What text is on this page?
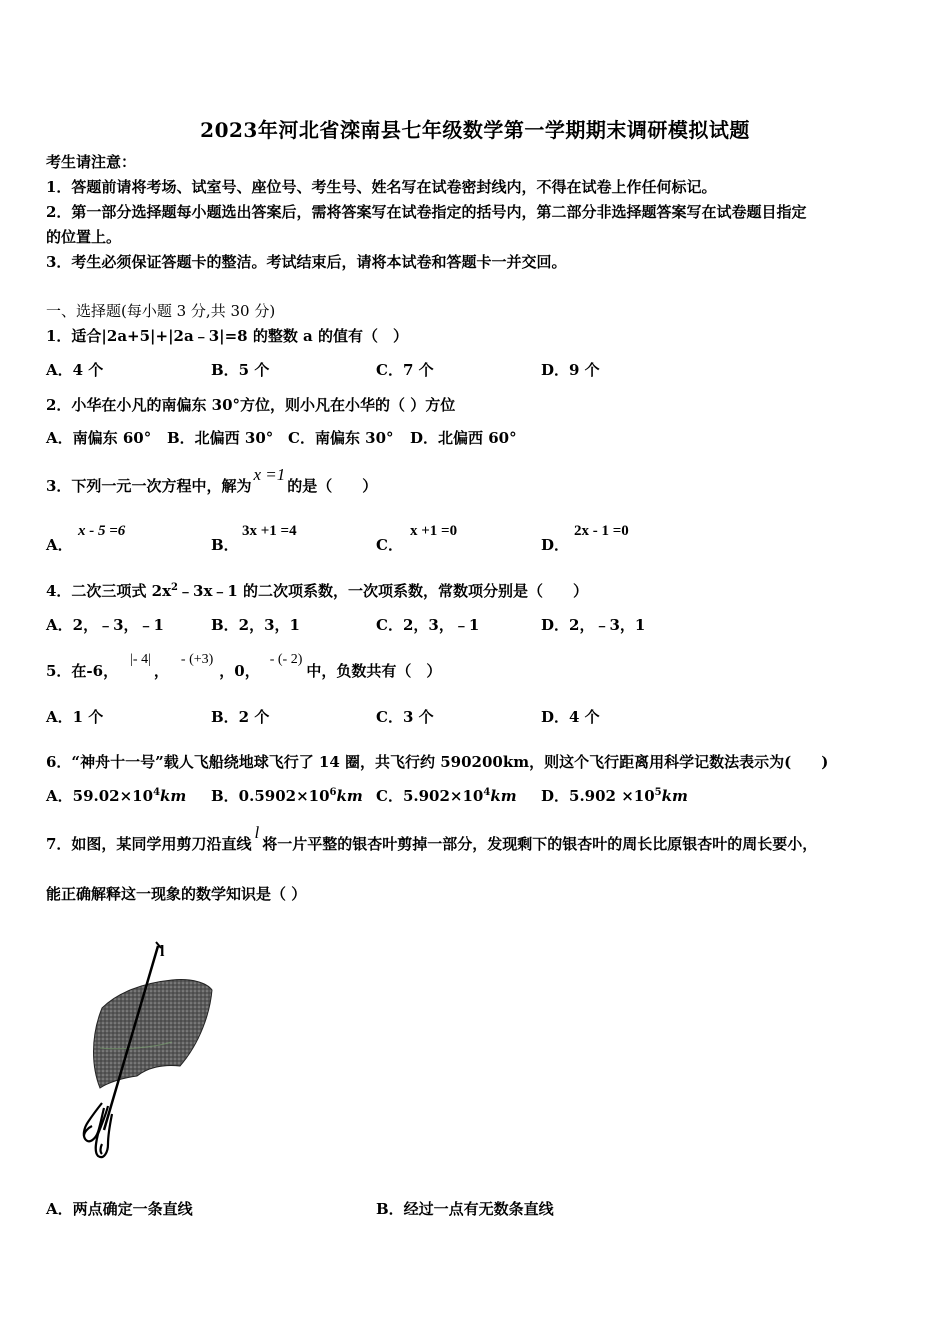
2023年河北省滦南县七年级数学第一学期期末调研模拟试题
考生请注意：
1．答题前请将考场、试室号、座位号、考生号、姓名写在试卷密封线内，不得在试卷上作任何标记。
2．第一部分选择题每小题选出答案后，需将答案写在试卷指定的括号内，第二部分非选择题答案写在试卷题目指定
的位置上。
3．考生必须保证答题卡的整洁。考试结束后，请将本试卷和答题卡一并交回。
一、选择题(每小题 3 分,共 30 分)
1．适合|2a+5|+|2a﹣3|=8 的整数 a 的值有（　）
A．4 个	B．5 个	C．7 个	D．9 个
2．小华在小凡的南偏东 30°方位，则小凡在小华的（ ）方位
A．南偏东 60° B．北偏西 30° C．南偏东 30° D．北偏西 60°
3．下列一元一次方程中，解为x =1的是（　　）
A．
x - 5 =6
B．
3x +1 =4
C．
x +1 =0
D．
2x - 1 =0
4．二次三项式 $2x^2﹣3x﹣1$ 的二次项系数，一次项系数，常数项分别是（　　）
A．2，﹣3，﹣1	B．2，3，1	C．2，3，﹣1	D．2，﹣3，1
5．在-6，|- 4|，- (+3)，0，- (- 2)中，负数共有（　）
A．1 个	B．2 个	C．3 个	D．4 个
6．“神舟十一号”载人飞船绕地球飞行了 14 圈，共飞行约 590200km，则这个飞行距离用科学记数法表示为(　　)
A．$59.02\times 10^4km$ B．$0.5902\times 10^6km$ C．$5.902\times 10^4km$ D．$5.902 \times 10^5km$
7．如图，某同学用剪刀沿直线l将一片平整的银杏叶剪掉一部分，发现剩下的银杏叶的周长比原银杏叶的周长要小，
能正确解释这一现象的数学知识是（ ）
l
A．两点确定一条直线	B．经过一点有无数条直线
